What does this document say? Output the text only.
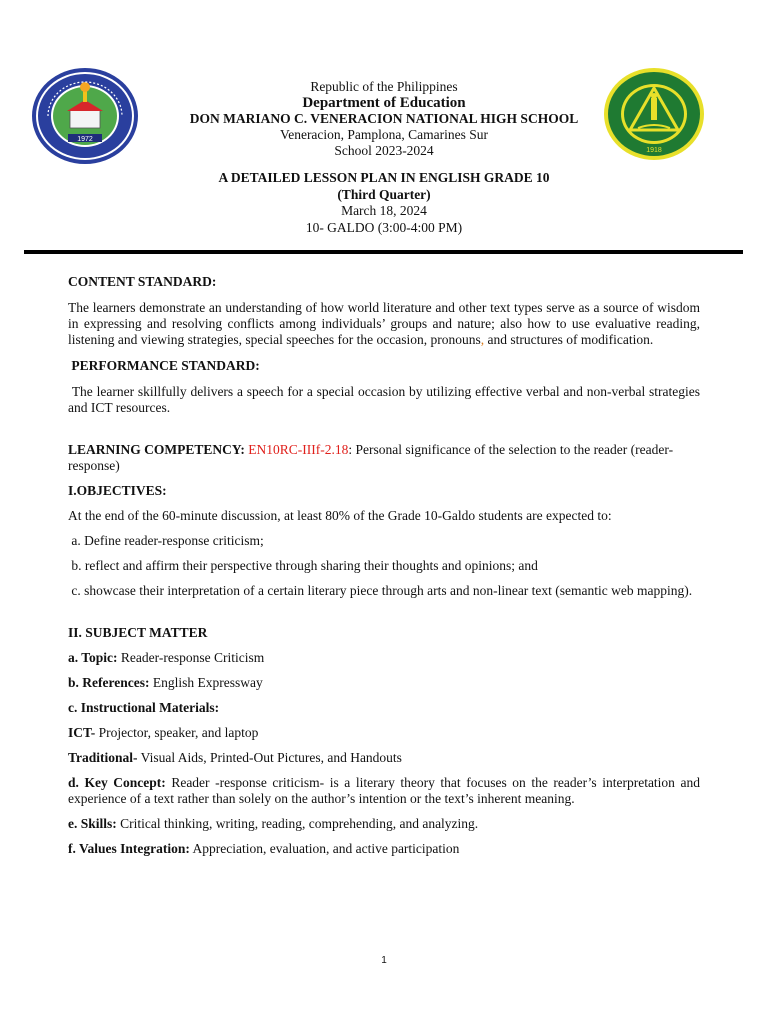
1972
1918
Republic of the Philippines
Department of Education
DON MARIANO C. VENERACION NATIONAL HIGH SCHOOL
Veneracion, Pamplona, Camarines Sur
School 2023-2024
A DETAILED LESSON PLAN IN ENGLISH GRADE 10
(Third Quarter)
March 18, 2024
10- GALDO (3:00-4:00 PM)

CONTENT STANDARD:

The learners demonstrate an understanding of how world literature and other text types serve as a source of wisdom in expressing and resolving conflicts among individuals’ groups and nature; also how to use evaluative reading, listening and viewing strategies, special speeches for the occasion, pronouns, and structures of modification.

PERFORMANCE STANDARD:

The learner skillfully delivers a speech for a special occasion by utilizing effective verbal and non-verbal strategies and ICT resources.

LEARNING COMPETENCY: EN10RC-IIIf-2.18: Personal significance of the selection to the reader (reader-response)

I.OBJECTIVES:

At the end of the 60-minute discussion, at least 80% of the Grade 10-Galdo students are expected to:

a. Define reader-response criticism;

b. reflect and affirm their perspective through sharing their thoughts and opinions; and

c. showcase their interpretation of a certain literary piece through arts and non-linear text (semantic web mapping).

II. SUBJECT MATTER

a. Topic: Reader-response Criticism

b. References: English Expressway

c. Instructional Materials:

ICT- Projector, speaker, and laptop

Traditional- Visual Aids, Printed-Out Pictures, and Handouts

d. Key Concept: Reader -response criticism- is a literary theory that focuses on the reader’s interpretation and experience of a text rather than solely on the author’s intention or the text’s inherent meaning.

e. Skills: Critical thinking, writing, reading, comprehending, and analyzing.

f. Values Integration: Appreciation, evaluation, and active participation

1
